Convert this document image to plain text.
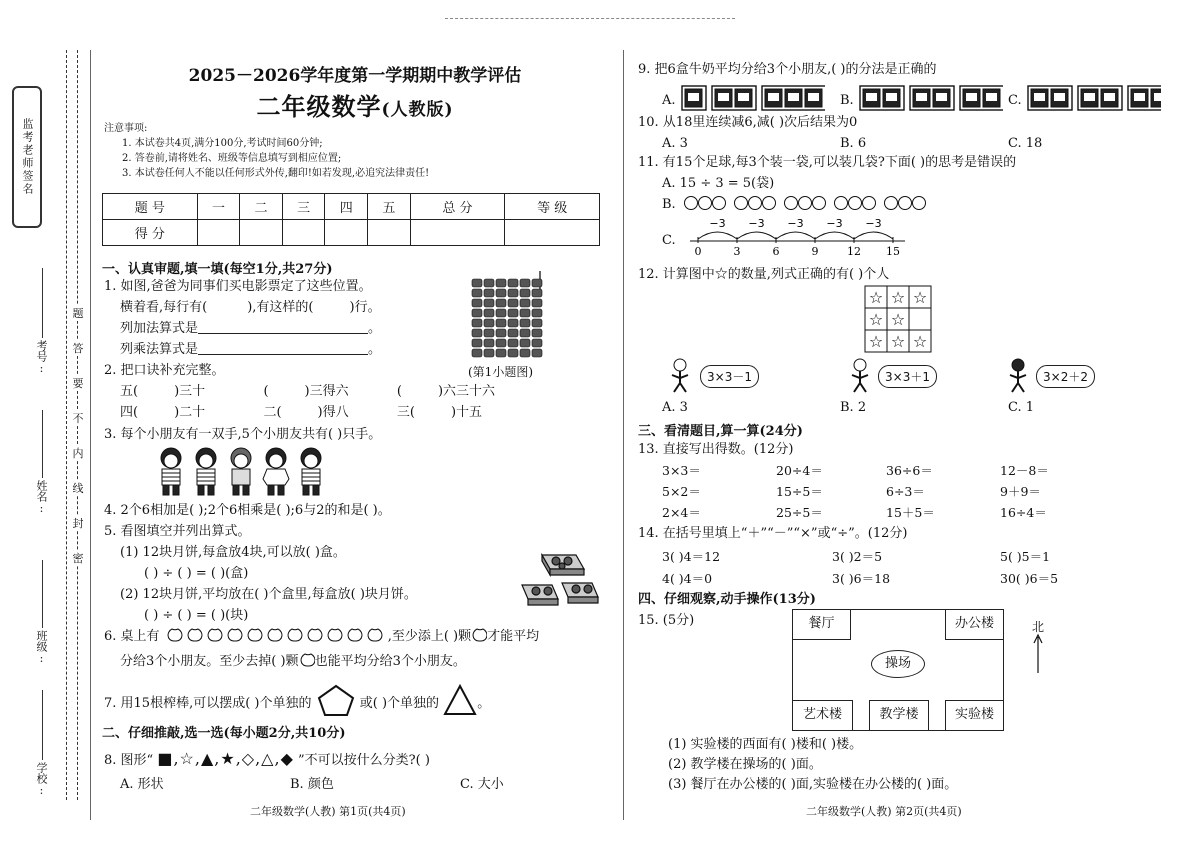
监考老师签名
题
答
要
不
内
线
封
密
考号:
姓名:
班级:
学校:
2025－2026学年度第一学期期中教学评估
二年级数学(人教版)
注意事项:
1. 本试卷共4页,满分100分,考试时间60分钟;
2. 答卷前,请将姓名、班级等信息填写到相应位置;
3. 本试卷任何人不能以任何形式外传,翻印!如若发现,必追究法律责任!
题 号	一	二	三	四	五	总 分	等 级
得 分							
一、认真审题,填一填(每空1分,共27分)
1. 如图,爸爸为同事们买电影票定了这些位置。
横着看,每行有(	),有这样的(	)行。
列加法算式是	。
列乘法算式是	。
(第1小题图)
2. 把口诀补充完整。
五(	)三十	(	)三得六	(	)六三十六
四(	)二十	二(	)得八	三(	)十五
3. 每个小朋友有一双手,5个小朋友共有( )只手。
4. 2个6相加是( );2个6相乘是( );6与2的和是( )。
5. 看图填空并列出算式。
(1) 12块月饼,每盒放4块,可以放( )盒。
( ) ÷ ( ) = ( )(盒)
(2) 12块月饼,平均放在( )个盒里,每盒放( )块月饼。
( ) ÷ ( ) = ( )(块)
6. 桌上有	,至少添上( )颗 才能平均
分给3个小朋友。至少去掉( )颗 也能平均分给3个小朋友。
7. 用15根榨棒,可以摆成( )个单独的	或( )个单独的	。
二、仔细推敲,选一选(每小题2分,共10分)
8. 图形“ ■,☆,▲,★,◇,△,◆ ”不可以按什么分类?( )
A. 形状	B. 颜色	C. 大小
二年级数学(人教) 第1页(共4页)
9. 把6盒牛奶平均分给3个小朋友,( )的分法是正确的
A.	B.	C.
10. 从18里连续减6,减( )次后结果为0
A. 3	B. 6	C. 18
11. 有15个足球,每3个装一袋,可以装几袋?下面( )的思考是错误的
A. 15 ÷ 3 = 5(袋)
B.
C.
0	3	6	9	12 15
−3
−3
−3
−3
−3
12. 计算图中☆的数量,列式正确的有( )个人
☆ ☆ ☆
☆ ☆
☆ ☆ ☆
3×3－1	3×3＋1	3×2＋2
A. 3	B. 2	C. 1
三、看清题目,算一算(24分)
13. 直接写出得数。(12分)
3×3＝	20÷4＝	36÷6＝	12－8＝
5×2＝	15÷5＝	6÷3＝	9＋9＝
2×4＝	25÷5＝	15＋5＝	16÷4＝
14. 在括号里填上“＋”“－”“×”或“÷”。(12分)
3( )4＝12	3( )2＝5	5( )5＝1
4( )4＝0	3( )6＝18	30( )6＝5
四、仔细观察,动手操作(13分)
15. (5分)	餐厅	办公楼
操场
艺术楼	教学楼	实验楼
北
(1) 实验楼的西面有( )楼和( )楼。
(2) 教学楼在操场的( )面。
(3) 餐厅在办公楼的( )面,实验楼在办公楼的( )面。
二年级数学(人教) 第2页(共4页)
